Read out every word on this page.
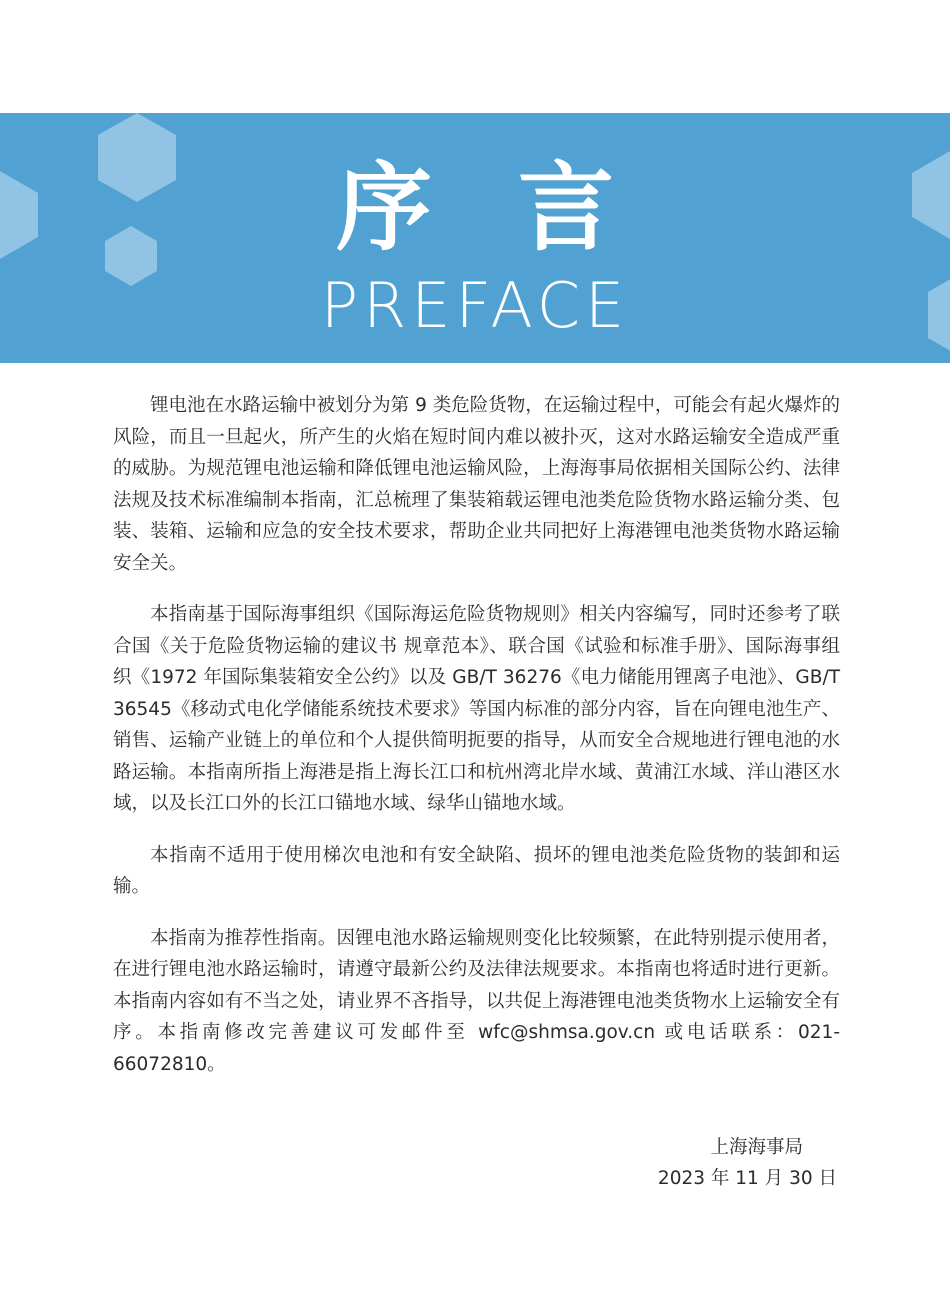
序言
PREFACE

锂电池在水路运输中被划分为第 9 类危险货物，在运输过程中，可能会有起火爆炸的风险，而且一旦起火，所产生的火焰在短时间内难以被扑灭，这对水路运输安全造成严重的威胁。为规范锂电池运输和降低锂电池运输风险，上海海事局依据相关国际公约、法律法规及技术标准编制本指南，汇总梳理了集装箱载运锂电池类危险货物水路运输分类、包装、装箱、运输和应急的安全技术要求，帮助企业共同把好上海港锂电池类货物水路运输安全关。

本指南基于国际海事组织《国际海运危险货物规则》相关内容编写，同时还参考了联合国《关于危险货物运输的建议书 规章范本》、联合国《试验和标准手册》、国际海事组织《1972 年国际集装箱安全公约》以及 GB/T 36276《电力储能用锂离子电池》、GB/T 36545《移动式电化学储能系统技术要求》等国内标准的部分内容，旨在向锂电池生产、销售、运输产业链上的单位和个人提供简明扼要的指导，从而安全合规地进行锂电池的水路运输。本指南所指上海港是指上海长江口和杭州湾北岸水域、黄浦江水域、洋山港区水域，以及长江口外的长江口锚地水域、绿华山锚地水域。

本指南不适用于使用梯次电池和有安全缺陷、损坏的锂电池类危险货物的装卸和运输。

本指南为推荐性指南。因锂电池水路运输规则变化比较频繁，在此特别提示使用者，在进行锂电池水路运输时，请遵守最新公约及法律法规要求。本指南也将适时进行更新。本指南内容如有不当之处，请业界不吝指导，以共促上海港锂电池类货物水上运输安全有序。本指南修改完善建议可发邮件至 wfc@shmsa.gov.cn 或电话联系：021-66072810。

上海海事局
2023 年 11 月 30 日
